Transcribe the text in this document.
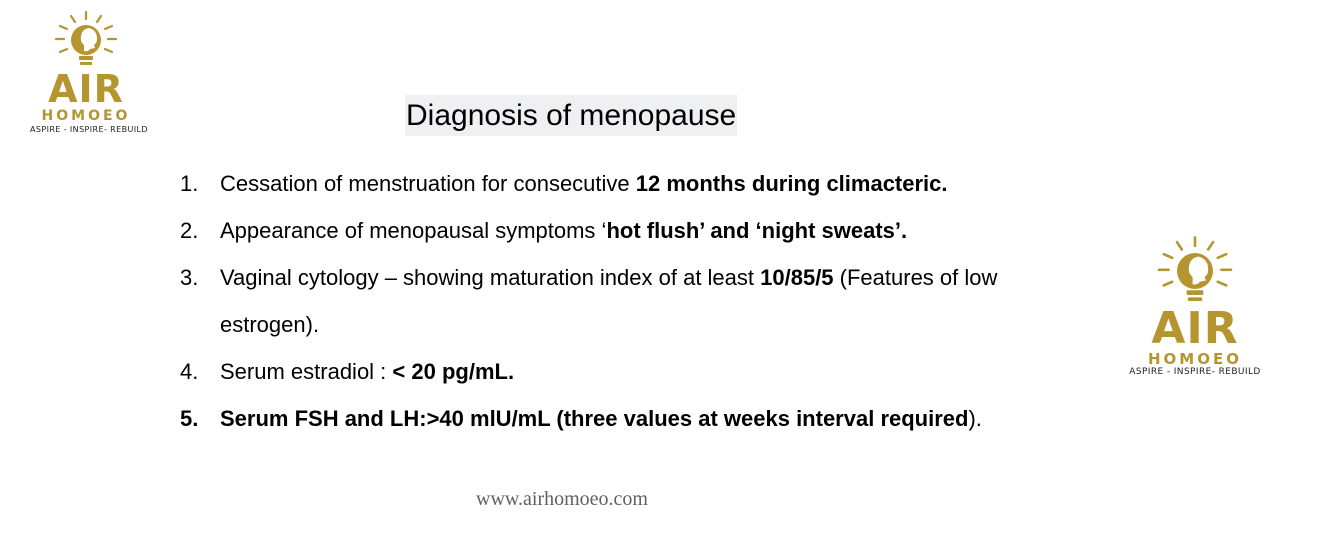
AIR
HOMOEO
ASPIRE - INSPIRE- REBUILD
AIR
HOMOEO
ASPIRE - INSPIRE- REBUILD
Diagnosis of menopause
1. Cessation of menstruation for consecutive 12 months during climacteric.
2. Appearance of menopausal symptoms ‘hot flush’ and ‘night sweats’.
3. Vaginal cytology – showing maturation index of at least 10/85/5 (Features of low estrogen).
4. Serum estradiol : < 20 pg/mL.
5. Serum FSH and LH:>40 mlU/mL (three values at weeks interval required).
www.airhomoeo.com
